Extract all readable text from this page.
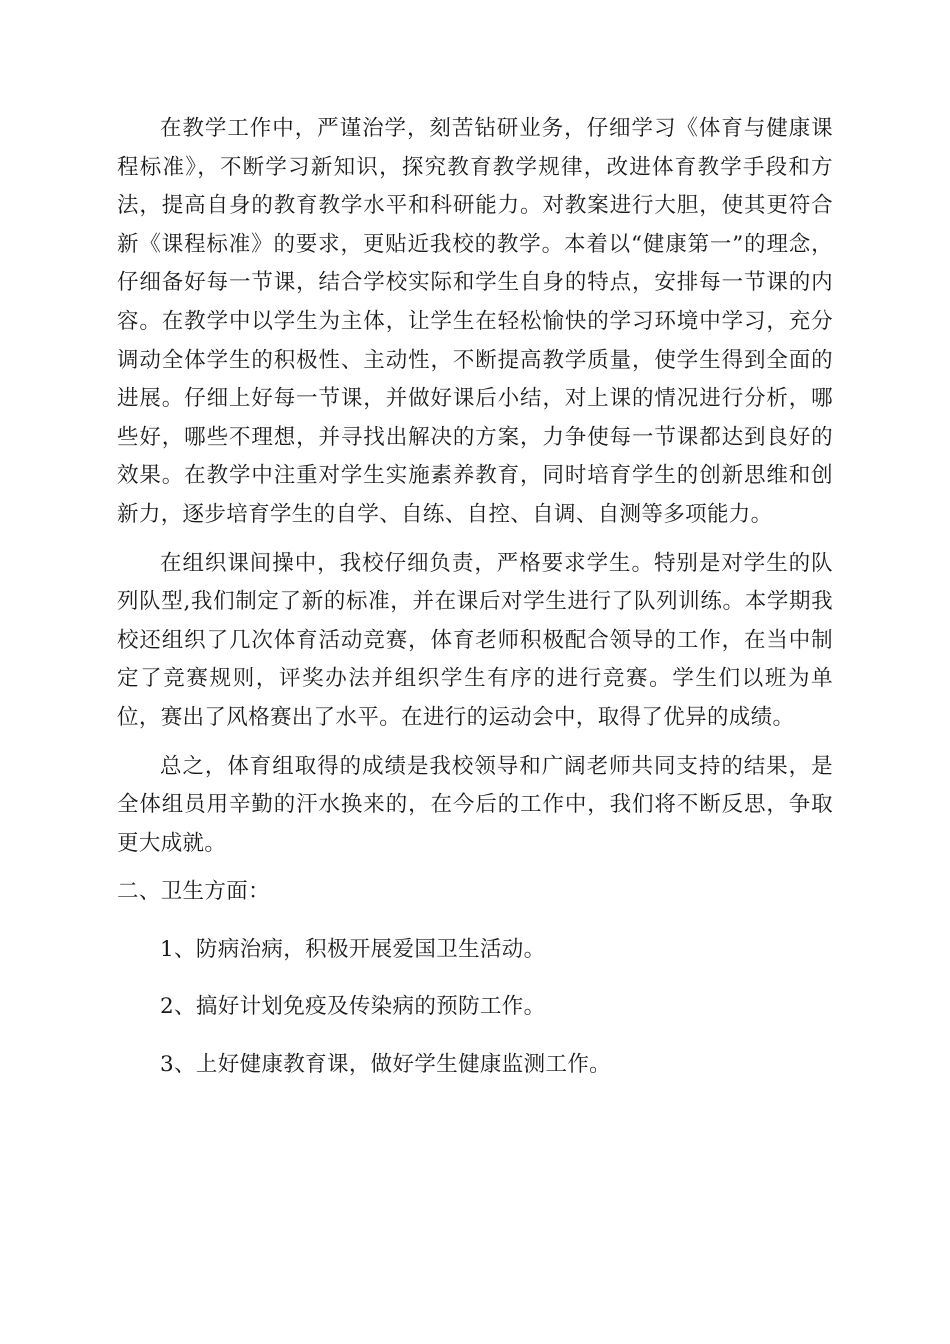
在教学工作中，严谨治学，刻苦钻研业务，仔细学习《体育与健康课程标准》，不断学习新知识，探究教育教学规律，改进体育教学手段和方法，提高自身的教育教学水平和科研能力。对教案进行大胆，使其更符合新《课程标准》的要求，更贴近我校的教学。本着以“健康第一”的理念，仔细备好每一节课，结合学校实际和学生自身的特点，安排每一节课的内容。在教学中以学生为主体，让学生在轻松愉快的学习环境中学习，充分调动全体学生的积极性、主动性，不断提高教学质量，使学生得到全面的进展。仔细上好每一节课，并做好课后小结，对上课的情况进行分析，哪些好，哪些不理想，并寻找出解决的方案，力争使每一节课都达到良好的效果。在教学中注重对学生实施素养教育，同时培育学生的创新思维和创新力，逐步培育学生的自学、自练、自控、自调、自测等多项能力。

在组织课间操中，我校仔细负责，严格要求学生。特别是对学生的队列队型,我们制定了新的标准，并在课后对学生进行了队列训练。本学期我校还组织了几次体育活动竞赛，体育老师积极配合领导的工作，在当中制定了竞赛规则，评奖办法并组织学生有序的进行竞赛。学生们以班为单位，赛出了风格赛出了水平。在进行的运动会中，取得了优异的成绩。

总之，体育组取得的成绩是我校领导和广阔老师共同支持的结果，是全体组员用辛勤的汗水换来的，在今后的工作中，我们将不断反思，争取更大成就。

二、卫生方面：

1、防病治病，积极开展爱国卫生活动。

2、搞好计划免疫及传染病的预防工作。

3、上好健康教育课，做好学生健康监测工作。
